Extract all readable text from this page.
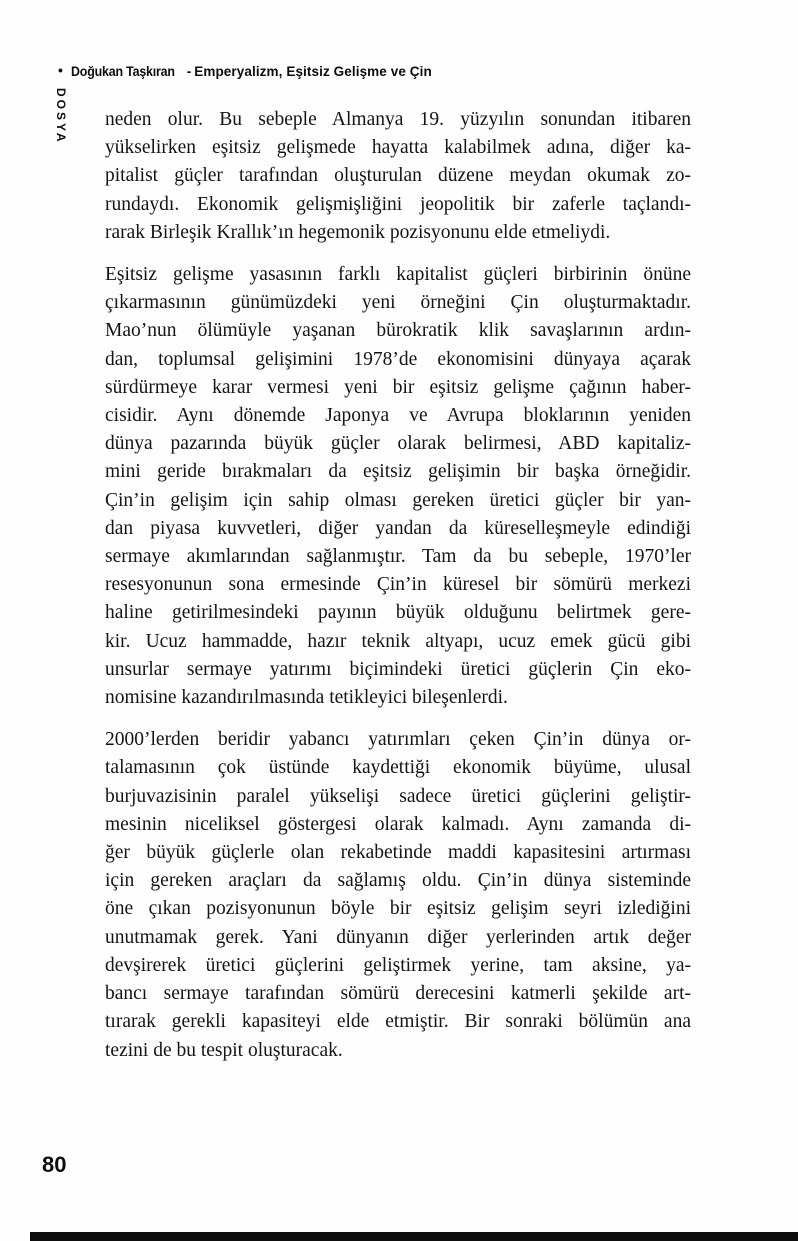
• Doğukan Taşkıran - Emperyalizm, Eşitsiz Gelişme ve Çin
DOSYA neden olur. Bu sebeple Almanya 19. yüzyılın sonundan itibaren
yükselirken eşitsiz gelişmede hayatta kalabilmek adına, diğer ka-
pitalist güçler tarafından oluşturulan düzene meydan okumak zo-
rundaydı. Ekonomik gelişmişliğini jeopolitik bir zaferle taçlandı-
rarak Birleşik Krallık’ın hegemonik pozisyonunu elde etmeliydi.

Eşitsiz gelişme yasasının farklı kapitalist güçleri birbirinin önüne
çıkarmasının günümüzdeki yeni örneğini Çin oluşturmaktadır.
Mao’nun ölümüyle yaşanan bürokratik klik savaşlarının ardın-
dan, toplumsal gelişimini 1978’de ekonomisini dünyaya açarak
sürdürmeye karar vermesi yeni bir eşitsiz gelişme çağının haber-
cisidir. Aynı dönemde Japonya ve Avrupa bloklarının yeniden
dünya pazarında büyük güçler olarak belirmesi, ABD kapitaliz-
mini geride bırakmaları da eşitsiz gelişimin bir başka örneğidir.
Çin’in gelişim için sahip olması gereken üretici güçler bir yan-
dan piyasa kuvvetleri, diğer yandan da küreselleşmeyle edindiği
sermaye akımlarından sağlanmıştır. Tam da bu sebeple, 1970’ler
resesyonunun sona ermesinde Çin’in küresel bir sömürü merkezi
haline getirilmesindeki payının büyük olduğunu belirtmek gere-
kir. Ucuz hammadde, hazır teknik altyapı, ucuz emek gücü gibi
unsurlar sermaye yatırımı biçimindeki üretici güçlerin Çin eko-
nomisine kazandırılmasında tetikleyici bileşenlerdi.

2000’lerden beridir yabancı yatırımları çeken Çin’in dünya or-
talamasının çok üstünde kaydettiği ekonomik büyüme, ulusal
burjuvazisinin paralel yükselişi sadece üretici güçlerini geliştir-
mesinin niceliksel göstergesi olarak kalmadı. Aynı zamanda di-
ğer büyük güçlerle olan rekabetinde maddi kapasitesini artırması
için gereken araçları da sağlamış oldu. Çin’in dünya sisteminde
öne çıkan pozisyonunun böyle bir eşitsiz gelişim seyri izlediğini
unutmamak gerek. Yani dünyanın diğer yerlerinden artık değer
devşirerek üretici güçlerini geliştirmek yerine, tam aksine, ya-
bancı sermaye tarafından sömürü derecesini katmerli şekilde art-
tırarak gerekli kapasiteyi elde etmiştir. Bir sonraki bölümün ana
tezini de bu tespit oluşturacak.

80
